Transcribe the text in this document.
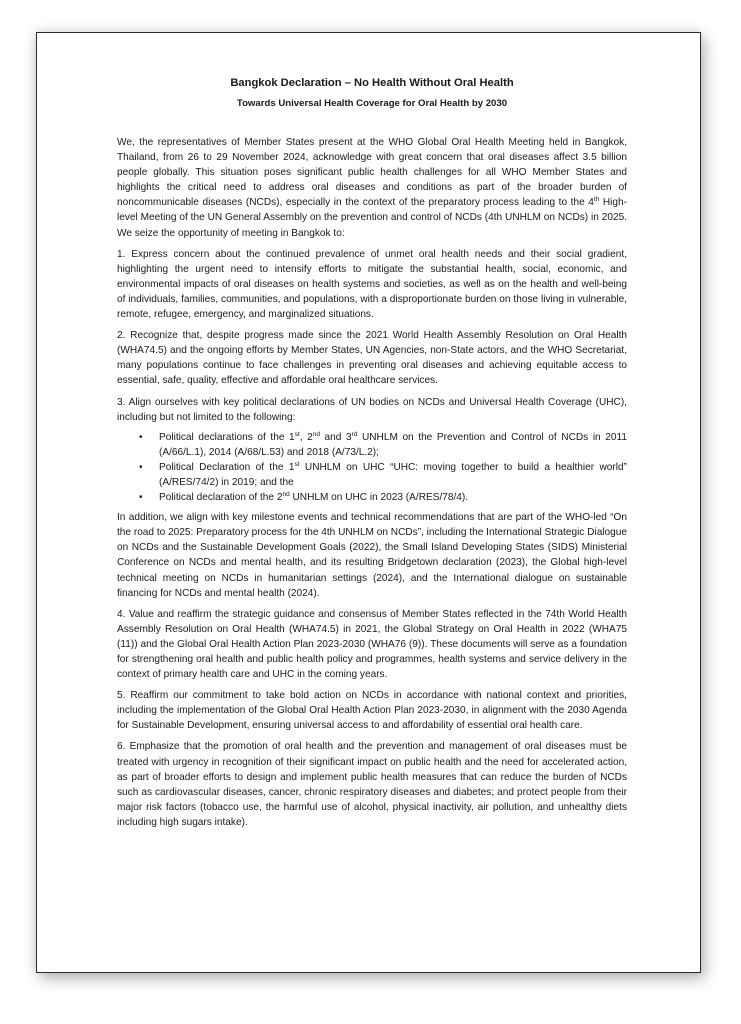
Bangkok Declaration – No Health Without Oral Health
Towards Universal Health Coverage for Oral Health by 2030

We, the representatives of Member States present at the WHO Global Oral Health Meeting held in Bangkok, Thailand, from 26 to 29 November 2024, acknowledge with great concern that oral diseases affect 3.5 billion people globally. This situation poses significant public health challenges for all WHO Member States and highlights the critical need to address oral diseases and conditions as part of the broader burden of noncommunicable diseases (NCDs), especially in the context of the preparatory process leading to the 4th High-level Meeting of the UN General Assembly on the prevention and control of NCDs (4th UNHLM on NCDs) in 2025. We seize the opportunity of meeting in Bangkok to:

1. Express concern about the continued prevalence of unmet oral health needs and their social gradient, highlighting the urgent need to intensify efforts to mitigate the substantial health, social, economic, and environmental impacts of oral diseases on health systems and societies, as well as on the health and well-being of individuals, families, communities, and populations, with a disproportionate burden on those living in vulnerable, remote, refugee, emergency, and marginalized situations.

2. Recognize that, despite progress made since the 2021 World Health Assembly Resolution on Oral Health (WHA74.5) and the ongoing efforts by Member States, UN Agencies, non-State actors, and the WHO Secretariat, many populations continue to face challenges in preventing oral diseases and achieving equitable access to essential, safe, quality, effective and affordable oral healthcare services.

3. Align ourselves with key political declarations of UN bodies on NCDs and Universal Health Coverage (UHC), including but not limited to the following:

• Political declarations of the 1st, 2nd and 3rd UNHLM on the Prevention and Control of NCDs in 2011 (A/66/L.1), 2014 (A/68/L.53) and 2018 (A/73/L.2);
• Political Declaration of the 1st UNHLM on UHC “UHC: moving together to build a healthier world” (A/RES/74/2) in 2019; and the
• Political declaration of the 2nd UNHLM on UHC in 2023 (A/RES/78/4).

In addition, we align with key milestone events and technical recommendations that are part of the WHO-led “On the road to 2025: Preparatory process for the 4th UNHLM on NCDs”, including the International Strategic Dialogue on NCDs and the Sustainable Development Goals (2022), the Small Island Developing States (SIDS) Ministerial Conference on NCDs and mental health, and its resulting Bridgetown declaration (2023), the Global high-level technical meeting on NCDs in humanitarian settings (2024), and the International dialogue on sustainable financing for NCDs and mental health (2024).

4. Value and reaffirm the strategic guidance and consensus of Member States reflected in the 74th World Health Assembly Resolution on Oral Health (WHA74.5) in 2021, the Global Strategy on Oral Health in 2022 (WHA75 (11)) and the Global Oral Health Action Plan 2023-2030 (WHA76 (9)). These documents will serve as a foundation for strengthening oral health and public health policy and programmes, health systems and service delivery in the context of primary health care and UHC in the coming years.

5. Reaffirm our commitment to take bold action on NCDs in accordance with national context and priorities, including the implementation of the Global Oral Health Action Plan 2023-2030, in alignment with the 2030 Agenda for Sustainable Development, ensuring universal access to and affordability of essential oral health care.

6. Emphasize that the promotion of oral health and the prevention and management of oral diseases must be treated with urgency in recognition of their significant impact on public health and the need for accelerated action, as part of broader efforts to design and implement public health measures that can reduce the burden of NCDs such as cardiovascular diseases, cancer, chronic respiratory diseases and diabetes; and protect people from their major risk factors (tobacco use, the harmful use of alcohol, physical inactivity, air pollution, and unhealthy diets including high sugars intake).
